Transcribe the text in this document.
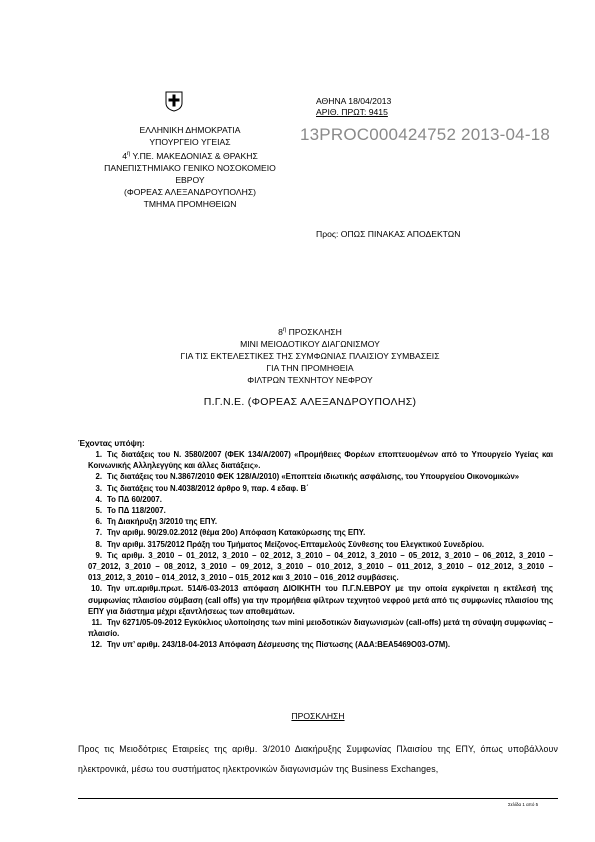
ΕΛΛΗΝΙΚΗ ΔΗΜΟΚΡΑΤΙΑ
ΥΠΟΥΡΓΕΙΟ ΥΓΕΙΑΣ
$4^\eta$ Υ.ΠΕ. ΜΑΚΕΔΟΝΙΑΣ & ΘΡΑΚΗΣ
ΠΑΝΕΠΙΣΤΗΜΙΑΚΟ ΓΕΝΙΚΟ ΝΟΣΟΚΟΜΕΙΟ
ΕΒΡΟΥ
(ΦΟΡΕΑΣ ΑΛΕΞΑΝΔΡΟΥΠΟΛΗΣ)
ΤΜΗΜΑ ΠΡΟΜΗΘΕΙΩΝ
ΑΘΗΝΑ 18/04/2013
ΑΡΙΘ. ΠΡΩΤ: 9415
13PROC000424752 2013-04-18
Προς: ΟΠΩΣ ΠΙΝΑΚΑΣ ΑΠΟΔΕΚΤΩΝ
$8^\eta$ ΠΡΟΣΚΛΗΣΗ
ΜΙΝΙ ΜΕΙΟΔΟΤΙΚΟΥ ΔΙΑΓΩΝΙΣΜΟΥ
ΓΙΑ ΤΙΣ ΕΚΤΕΛΕΣΤΙΚΕΣ ΤΗΣ ΣΥΜΦΩΝΙΑΣ ΠΛΑΙΣΙΟΥ ΣΥΜΒΑΣΕΙΣ
ΓΙΑ ΤΗΝ ΠΡΟΜΗΘΕΙΑ
ΦΙΛΤΡΩΝ ΤΕΧΝΗΤΟΥ ΝΕΦΡΟΥ
Π.Γ.Ν.Ε. (ΦΟΡΕΑΣ ΑΛΕΞΑΝΔΡΟΥΠΟΛΗΣ)
Έχοντας υπόψη:
1. Τις διατάξεις του Ν. 3580/2007 (ΦΕΚ 134/Α/2007) «Προμήθειες Φορέων εποπτευομένων από το Υπουργείο Υγείας και Κοινωνικής Αλληλεγγύης και άλλες διατάξεις».
2. Τις διατάξεις του Ν.3867/2010 ΦΕΚ 128/Α/2010) «Εποπτεία ιδιωτικής ασφάλισης, του Υπουργείου Οικονομικών»
3. Τις διατάξεις του Ν.4038/2012 άρθρο 9, παρ. 4 εδαφ. Β΄
4. Το ΠΔ 60/2007.
5. Το ΠΔ 118/2007.
6. Τη Διακήρυξη 3/2010 της ΕΠΥ.
7. Την αριθμ. 90/29.02.2012 (θέμα 20ο) Απόφαση Κατακύρωσης της ΕΠΥ.
8. Την αριθμ. 3175/2012 Πράξη του Τμήματος Μείζονος-Επταμελούς Σύνθεσης του Ελεγκτικού Συνεδρίου.
9. Τις αριθμ. 3_2010 – 01_2012, 3_2010 – 02_2012, 3_2010 – 04_2012, 3_2010 – 05_2012, 3_2010 – 06_2012, 3_2010 – 07_2012, 3_2010 – 08_2012, 3_2010 – 09_2012, 3_2010 – 010_2012, 3_2010 – 011_2012, 3_2010 – 012_2012, 3_2010 – 013_2012, 3_2010 – 014_2012, 3_2010 – 015_2012 και 3_2010 – 016_2012 συμβάσεις.
10. Την υπ.αριθμ.πρωτ. 514/6-03-2013 απόφαση ΔΙΟΙΚΗΤΗ του Π.Γ.Ν.ΕΒΡΟΥ με την οποία εγκρίνεται η εκτέλεσή της συμφωνίας πλαισίου σύμβαση (call offs) για την προμήθεια φίλτρων τεχνητού νεφρού μετά από τις συμφωνίες πλαισίου της ΕΠΥ για διάστημα μέχρι εξαντλήσεως των αποθεμάτων.
11. Την 6271/05-09-2012 Εγκύκλιος υλοποίησης των mini μειοδοτικών διαγωνισμών (call-offs) μετά τη σύναψη συμφωνίας – πλαισίο.
12. Την υπ’ αριθμ. 243/18-04-2013 Απόφαση Δέσμευσης της Πίστωσης (ΑΔΑ:ΒΕΑ5469Ο03-Ο7Μ).
ΠΡΟΣΚΛΗΣΗ
Προς τις Μειοδότριες Εταιρείες της αριθμ. 3/2010 Διακήρυξης Συμφωνίας Πλαισίου της ΕΠΥ, όπως υποβάλλουν ηλεκτρονικά, μέσω του συστήματος ηλεκτρονικών διαγωνισμών της Business Exchanges,
Σελίδα 1 από 5
